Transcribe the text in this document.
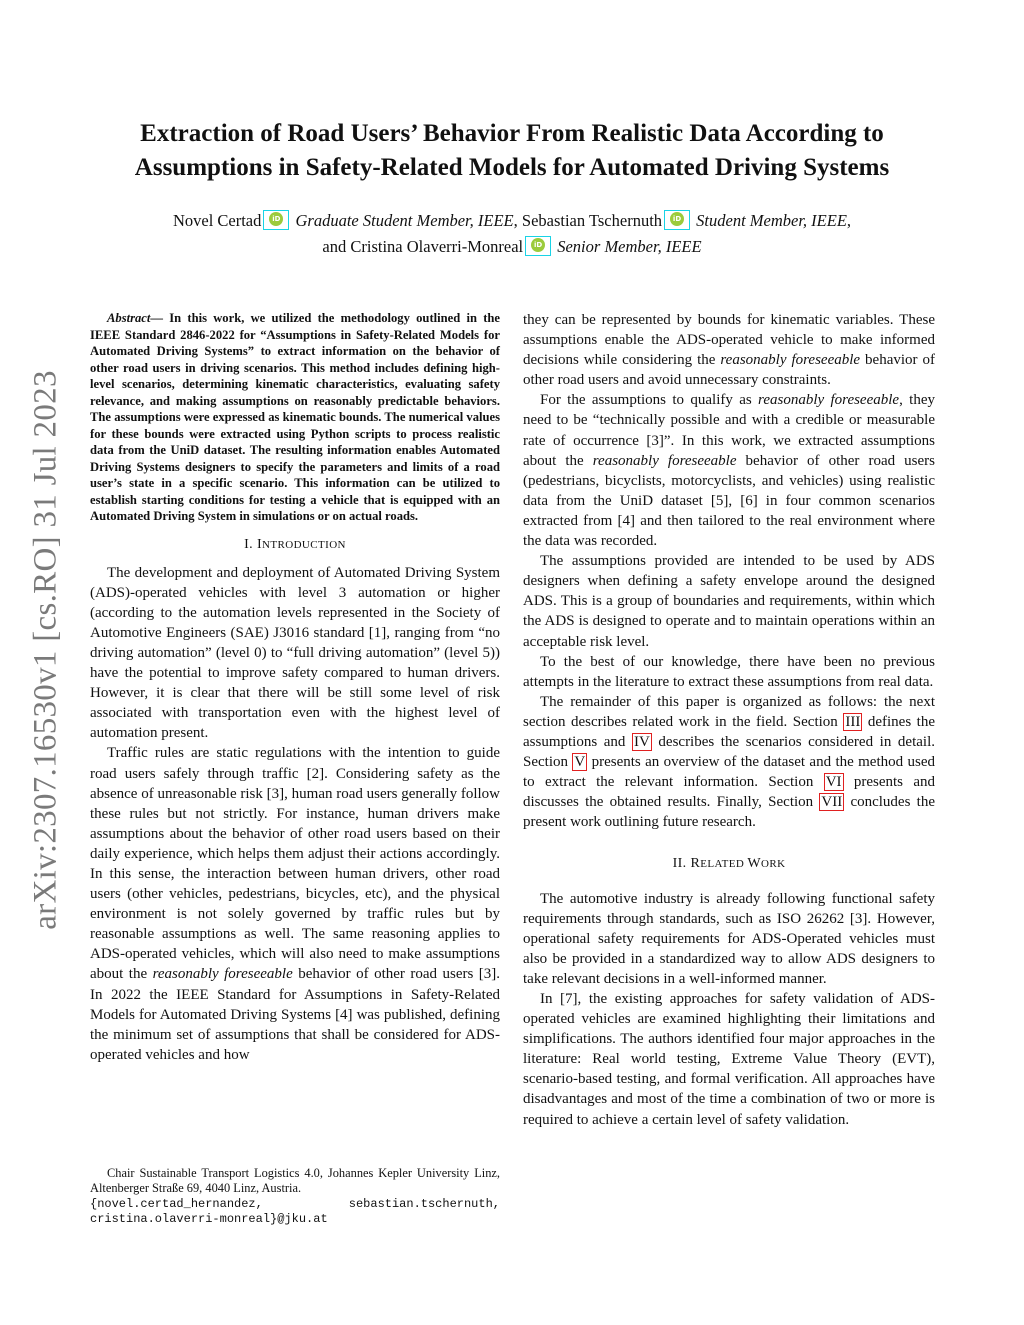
arXiv:2307.16530v1 [cs.RO] 31 Jul 2023
Extraction of Road Users’ Behavior From Realistic Data According to
Assumptions in Safety-Related Models for Automated Driving Systems
Novel Certad iD Graduate Student Member, IEEE, Sebastian Tschernuth iD Student Member, IEEE,
and Cristina Olaverri-Monreal iD Senior Member, IEEE

Abstract— In this work, we utilized the methodology outlined in the IEEE Standard 2846-2022 for “Assumptions in Safety-Related Models for Automated Driving Systems” to extract information on the behavior of other road users in driving scenarios. This method includes defining high-level scenarios, determining kinematic characteristics, evaluating safety relevance, and making assumptions on reasonably predictable behaviors. The assumptions were expressed as kinematic bounds. The numerical values for these bounds were extracted using Python scripts to process realistic data from the UniD dataset. The resulting information enables Automated Driving Systems designers to specify the parameters and limits of a road user’s state in a specific scenario. This information can be utilized to establish starting conditions for testing a vehicle that is equipped with an Automated Driving System in simulations or on actual roads.

I. INTRODUCTION

The development and deployment of Automated Driving System (ADS)-operated vehicles with level 3 automation or higher (according to the automation levels represented in the Society of Automotive Engineers (SAE) J3016 standard [1], ranging from “no driving automation” (level 0) to “full driving automation” (level 5)) have the potential to improve safety compared to human drivers. However, it is clear that there will be still some level of risk associated with transportation even with the highest level of automation present.

Traffic rules are static regulations with the intention to guide road users safely through traffic [2]. Considering safety as the absence of unreasonable risk [3], human road users generally follow these rules but not strictly. For instance, human drivers make assumptions about the behavior of other road users based on their daily experience, which helps them adjust their actions accordingly. In this sense, the interaction between human drivers, other road users (other vehicles, pedestrians, bicycles, etc), and the physical environment is not solely governed by traffic rules but by reasonable assumptions as well. The same reasoning applies to ADS-operated vehicles, which will also need to make assumptions about the reasonably foreseeable behavior of other road users [3]. In 2022 the IEEE Standard for Assumptions in Safety-Related Models for Automated Driving Systems [4] was published, defining the minimum set of assumptions that shall be considered for ADS-operated vehicles and how

Chair Sustainable Transport Logistics 4.0, Johannes Kepler University Linz, Altenberger Straße 69, 4040 Linz, Austria.

{novel.certad_hernandez, sebastian.tschernuth, cristina.olaverri-monreal}@jku.at

they can be represented by bounds for kinematic variables. These assumptions enable the ADS-operated vehicle to make informed decisions while considering the reasonably foreseeable behavior of other road users and avoid unnecessary constraints.

For the assumptions to qualify as reasonably foreseeable, they need to be “technically possible and with a credible or measurable rate of occurrence [3]”. In this work, we extracted assumptions about the reasonably foreseeable behavior of other road users (pedestrians, bicyclists, motorcyclists, and vehicles) using realistic data from the UniD dataset [5], [6] in four common scenarios extracted from [4] and then tailored to the real environment where the data was recorded.

The assumptions provided are intended to be used by ADS designers when defining a safety envelope around the designed ADS. This is a group of boundaries and requirements, within which the ADS is designed to operate and to maintain operations within an acceptable risk level.

To the best of our knowledge, there have been no previous attempts in the literature to extract these assumptions from real data.

The remainder of this paper is organized as follows: the next section describes related work in the field. Section III defines the assumptions and IV describes the scenarios considered in detail. Section V presents an overview of the dataset and the method used to extract the relevant information. Section VI presents and discusses the obtained results. Finally, Section VII concludes the present work outlining future research.

II. RELATED WORK

The automotive industry is already following functional safety requirements through standards, such as ISO 26262 [3]. However, operational safety requirements for ADS-Operated vehicles must also be provided in a standardized way to allow ADS designers to take relevant decisions in a well-informed manner.

In [7], the existing approaches for safety validation of ADS-operated vehicles are examined highlighting their limitations and simplifications. The authors identified four major approaches in the literature: Real world testing, Extreme Value Theory (EVT), scenario-based testing, and formal verification. All approaches have disadvantages and most of the time a combination of two or more is required to achieve a certain level of safety validation.
